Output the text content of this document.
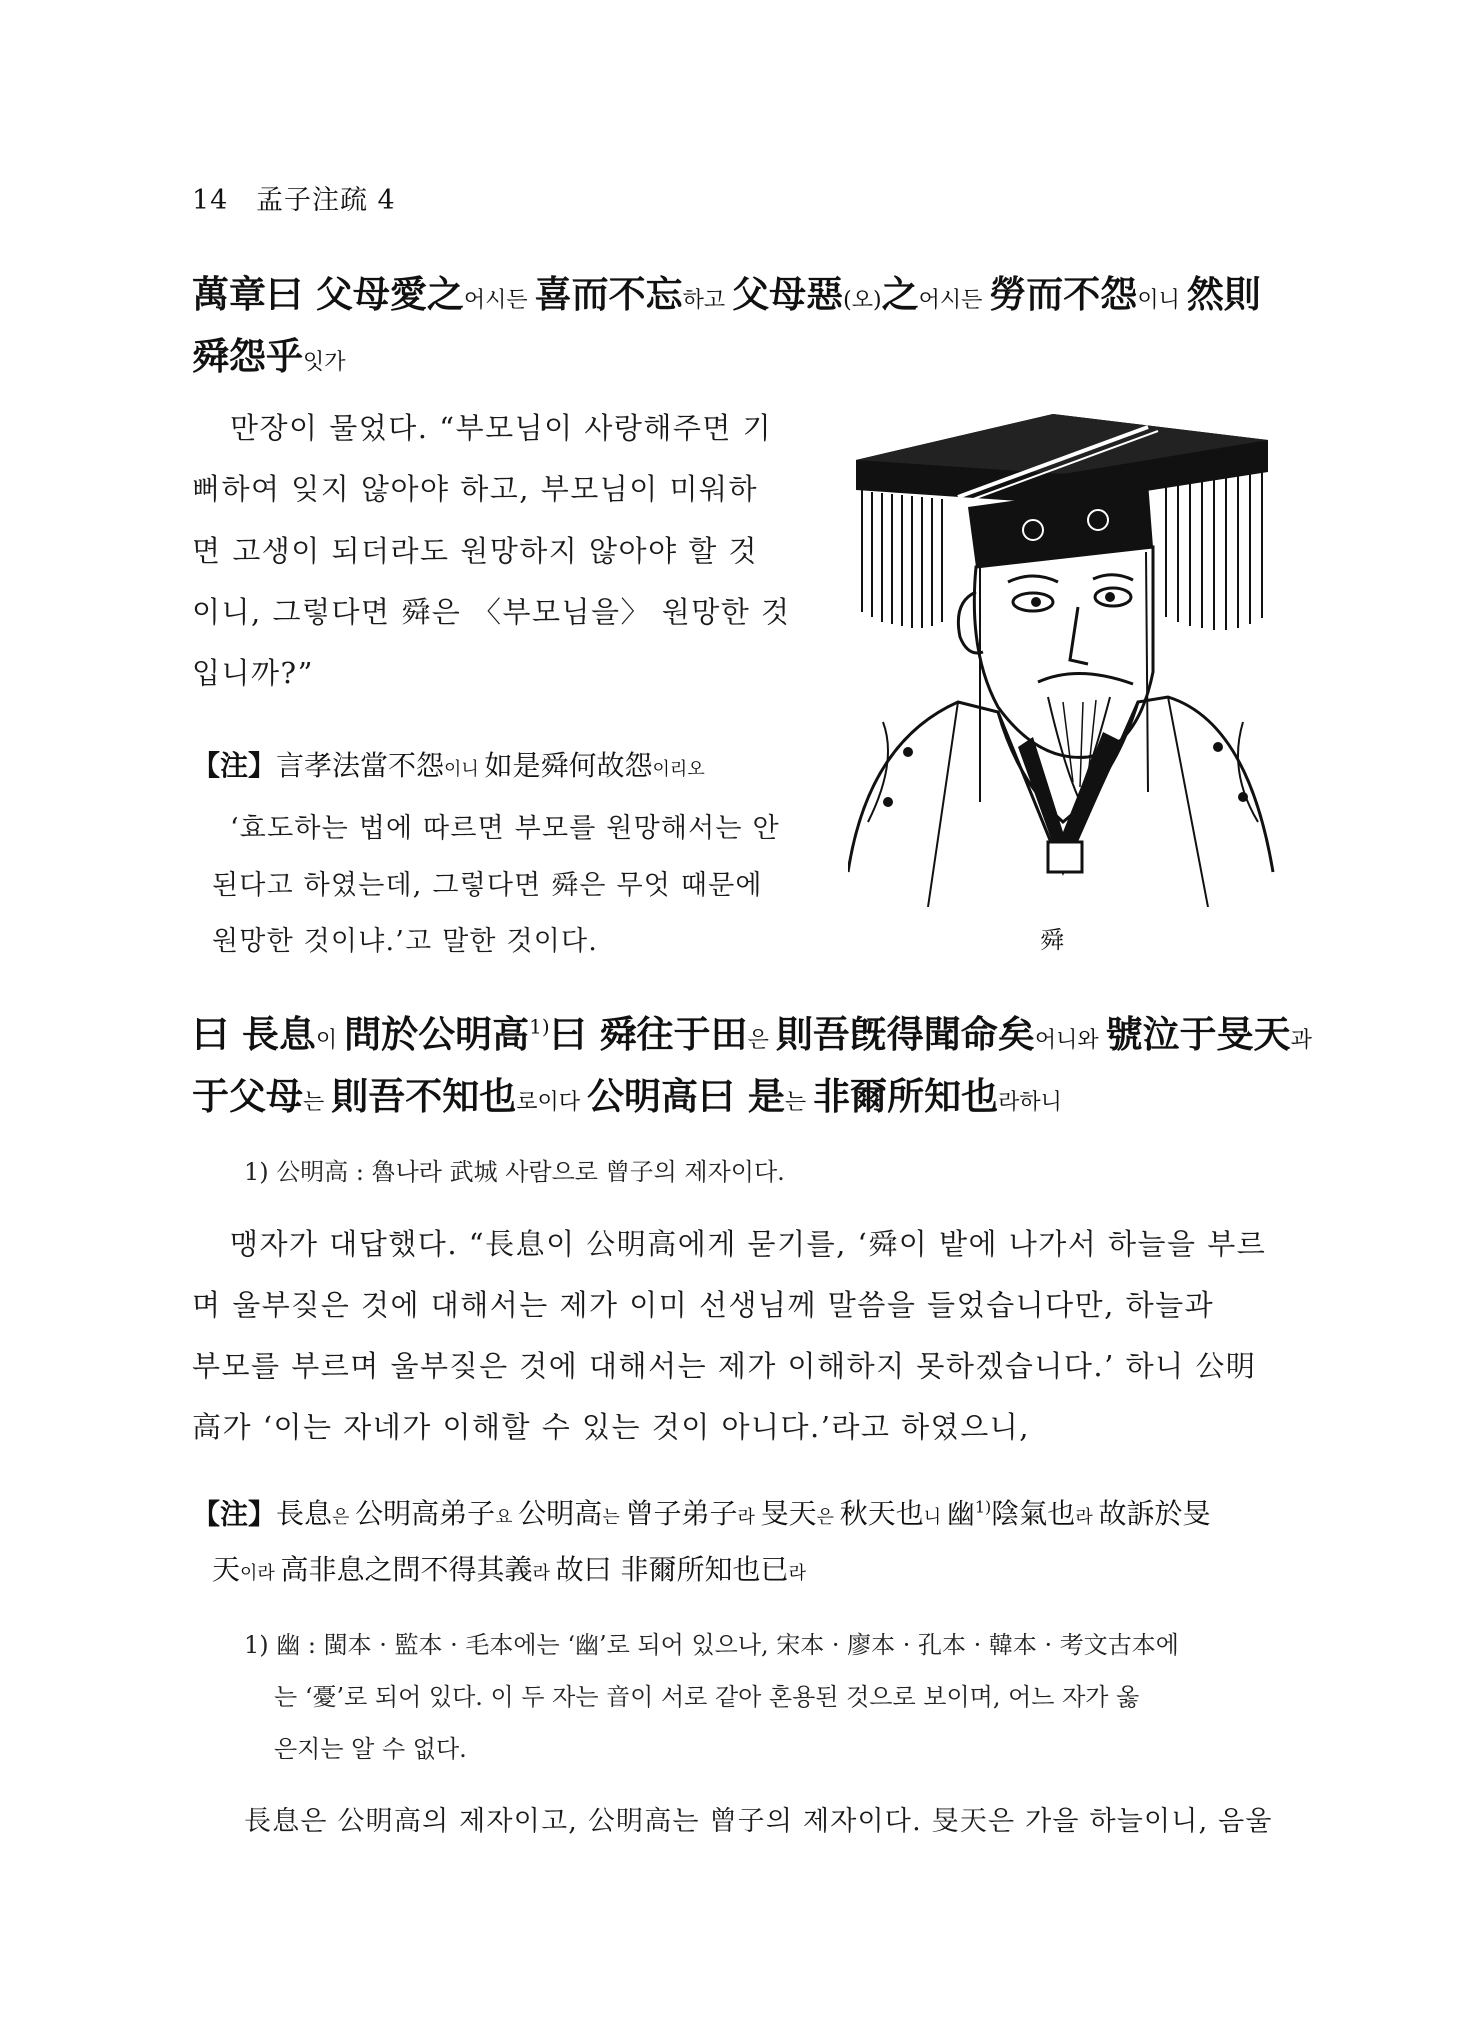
14 孟子注疏 4
萬章曰 父母愛之어시든 喜而不忘하고 父母惡(오)之어시든 勞而不怨이니 然則
舜怨乎잇가
만장이 물었다. “부모님이 사랑해주면 기
뻐하여 잊지 않아야 하고, 부모님이 미워하
면 고생이 되더라도 원망하지 않아야 할 것
이니, 그렇다면 舜은 〈부모님을〉 원망한 것
입니까?”
【注】言孝法當不怨이니 如是舜何故怨이리오
‘효도하는 법에 따르면 부모를 원망해서는 안
된다고 하였는데, 그렇다면 舜은 무엇 때문에
원망한 것이냐.’고 말한 것이다.	舜
曰 長息이 問於公明高$^{1)}$曰 舜往于田은 則吾旣得聞命矣어니와 號泣于旻天과
于父母는 則吾不知也로이다 公明高曰 是는 非爾所知也라하니
1) 公明高 : 魯나라 武城 사람으로 曾子의 제자이다.
맹자가 대답했다. “長息이 公明高에게 묻기를, ‘舜이 밭에 나가서 하늘을 부르
며 울부짖은 것에 대해서는 제가 이미 선생님께 말씀을 들었습니다만, 하늘과
부모를 부르며 울부짖은 것에 대해서는 제가 이해하지 못하겠습니다.’ 하니 公明
高가 ‘이는 자네가 이해할 수 있는 것이 아니다.’라고 하였으니,
【注】長息은 公明高弟子요 公明高는 曾子弟子라 旻天은 秋天也니 幽$^{1)}$陰氣也라 故訴於旻
天이라 高非息之問不得其義라 故曰 非爾所知也已라
1) 幽 : 閩本 · 監本 · 毛本에는 ‘幽’로 되어 있으나, 宋本 · 廖本 · 孔本 · 韓本 · 考文古本에
는 ‘憂’로 되어 있다. 이 두 자는 音이 서로 같아 혼용된 것으로 보이며, 어느 자가 옳
은지는 알 수 없다.
長息은 公明高의 제자이고, 公明高는 曾子의 제자이다. 旻天은 가을 하늘이니, 음울
